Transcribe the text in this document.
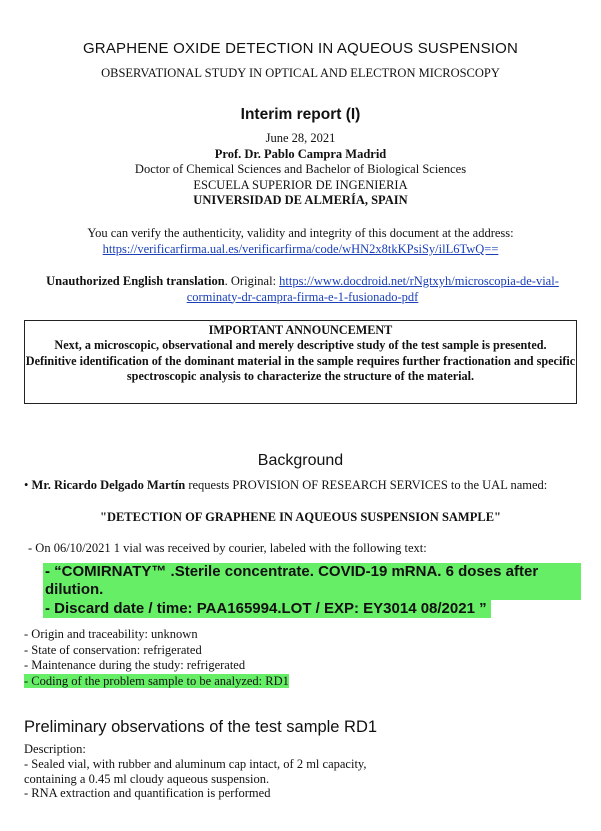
GRAPHENE OXIDE DETECTION IN AQUEOUS SUSPENSION
OBSERVATIONAL STUDY IN OPTICAL AND ELECTRON MICROSCOPY
Interim report (I)
June 28, 2021
Prof. Dr. Pablo Campra Madrid
Doctor of Chemical Sciences and Bachelor of Biological Sciences
ESCUELA SUPERIOR DE INGENIERIA
UNIVERSIDAD DE ALMERÍA, SPAIN
You can verify the authenticity, validity and integrity of this document at the address:
https://verificarfirma.ual.es/verificarfirma/code/wHN2x8tkKPsiSy/ilL6TwQ==
Unauthorized English translation. Original: https://www.docdroid.net/rNgtxyh/microscopia-de-vial-corminaty-dr-campra-firma-e-1-fusionado-pdf
IMPORTANT ANNOUNCEMENT
Next, a microscopic, observational and merely descriptive study of the test sample is presented.
Definitive identification of the dominant material in the sample requires further fractionation and specific spectroscopic analysis to characterize the structure of the material.
Background
• Mr. Ricardo Delgado Martín requests PROVISION OF RESEARCH SERVICES to the UAL named:
"DETECTION OF GRAPHENE IN AQUEOUS SUSPENSION SAMPLE"
- On 06/10/2021 1 vial was received by courier, labeled with the following text:
- “COMIRNATY™ .Sterile concentrate. COVID-19 mRNA. 6 doses after dilution.
- Discard date / time: PAA165994.LOT / EXP: EY3014 08/2021 ”
- Origin and traceability: unknown
- State of conservation: refrigerated
- Maintenance during the study: refrigerated
- Coding of the problem sample to be analyzed: RD1
Preliminary observations of the test sample RD1
Description:
- Sealed vial, with rubber and aluminum cap intact, of 2 ml capacity,
containing a 0.45 ml cloudy aqueous suspension.
- RNA extraction and quantification is performed
